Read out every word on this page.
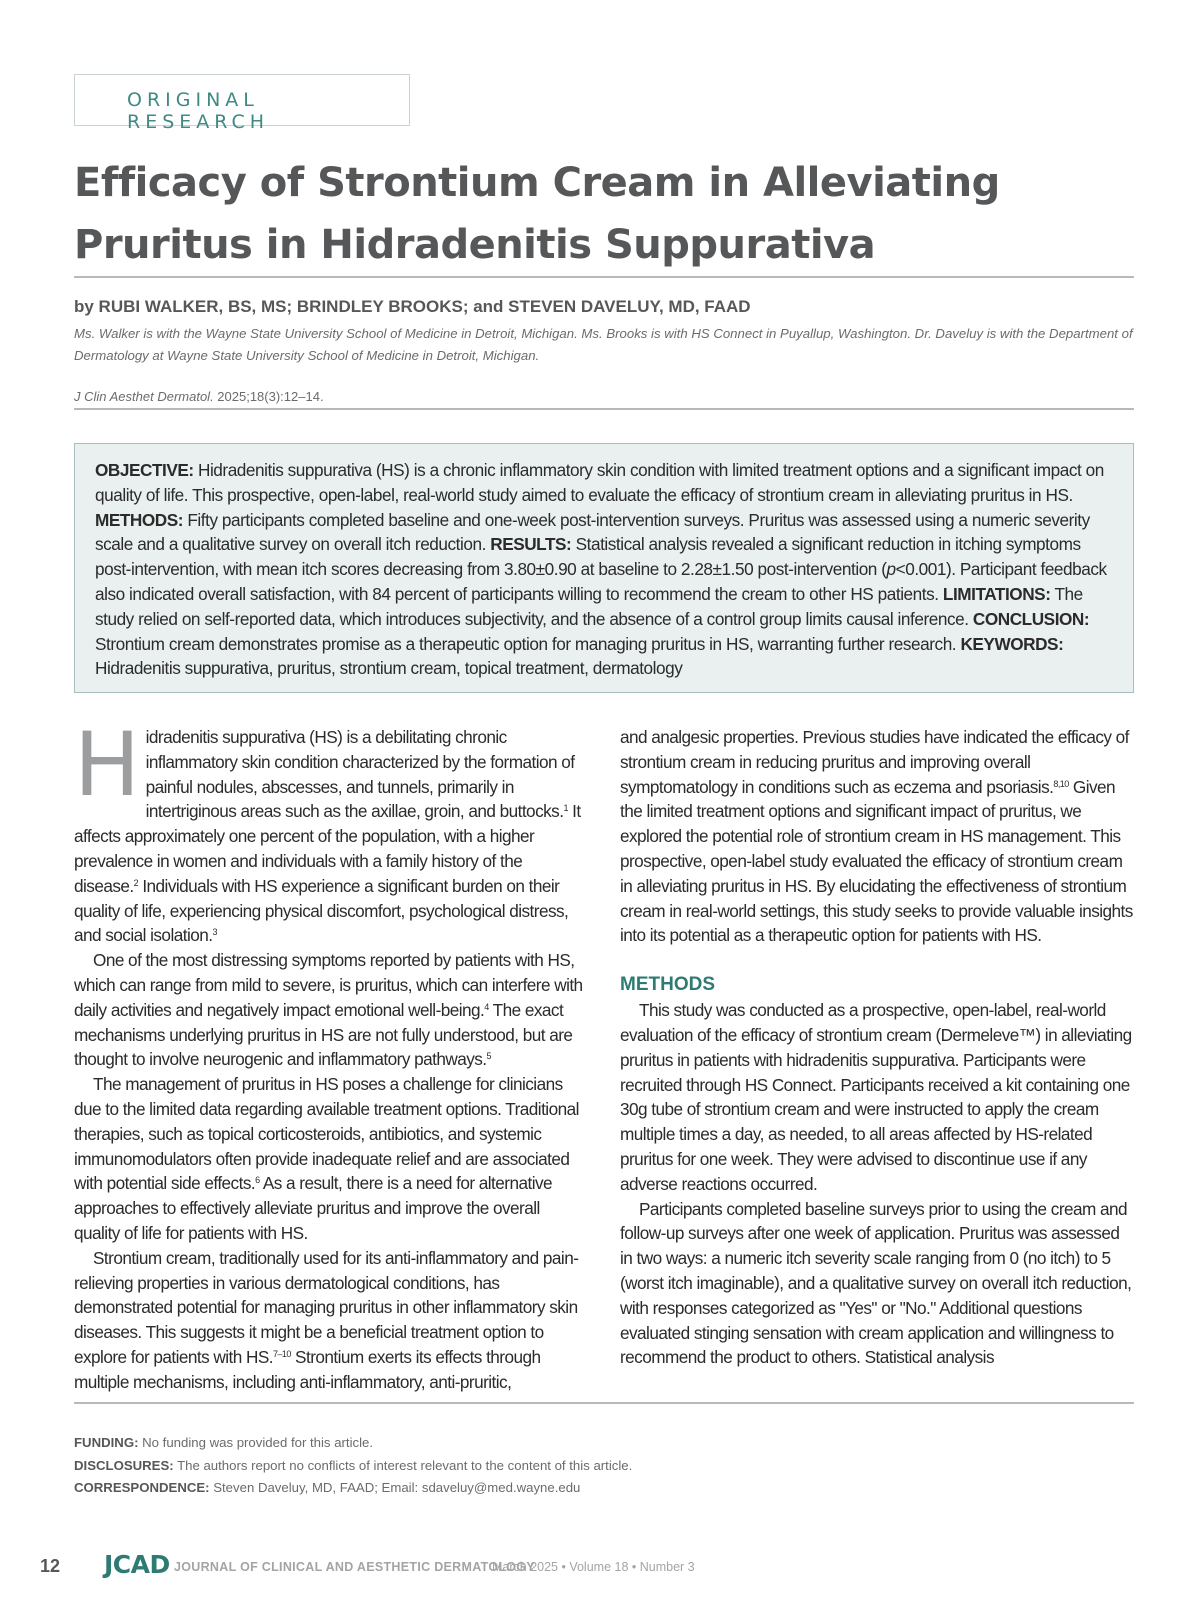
ORIGINAL RESEARCH
Efficacy of Strontium Cream in Alleviating Pruritus in Hidradenitis Suppurativa
by RUBI WALKER, BS, MS; BRINDLEY BROOKS; and STEVEN DAVELUY, MD, FAAD
Ms. Walker is with the Wayne State University School of Medicine in Detroit, Michigan. Ms. Brooks is with HS Connect in Puyallup, Washington. Dr. Daveluy is with the Department of Dermatology at Wayne State University School of Medicine in Detroit, Michigan.
J Clin Aesthet Dermatol. 2025;18(3):12–14.

OBJECTIVE: Hidradenitis suppurativa (HS) is a chronic inflammatory skin condition with limited treatment options and a significant impact on quality of life. This prospective, open-label, real-world study aimed to evaluate the efficacy of strontium cream in alleviating pruritus in HS. METHODS: Fifty participants completed baseline and one-week post-intervention surveys. Pruritus was assessed using a numeric severity scale and a qualitative survey on overall itch reduction. RESULTS: Statistical analysis revealed a significant reduction in itching symptoms post-intervention, with mean itch scores decreasing from 3.80±0.90 at baseline to 2.28±1.50 post-intervention (p<0.001). Participant feedback also indicated overall satisfaction, with 84 percent of participants willing to recommend the cream to other HS patients. LIMITATIONS: The study relied on self-reported data, which introduces subjectivity, and the absence of a control group limits causal inference. CONCLUSION: Strontium cream demonstrates promise as a therapeutic option for managing pruritus in HS, warranting further research. KEYWORDS: Hidradenitis suppurativa, pruritus, strontium cream, topical treatment, dermatology

Hidradenitis suppurativa (HS) is a debilitating chronic inflammatory skin condition characterized by the formation of painful nodules, abscesses, and tunnels, primarily in intertriginous areas such as the axillae, groin, and buttocks.$^1$ It affects approximately one percent of the population, with a higher prevalence in women and individuals with a family history of the disease.$^2$ Individuals with HS experience a significant burden on their quality of life, experiencing physical discomfort, psychological distress, and social isolation.$^3$

One of the most distressing symptoms reported by patients with HS, which can range from mild to severe, is pruritus, which can interfere with daily activities and negatively impact emotional well-being.$^4$ The exact mechanisms underlying pruritus in HS are not fully understood, but are thought to involve neurogenic and inflammatory pathways.$^5$

The management of pruritus in HS poses a challenge for clinicians due to the limited data regarding available treatment options. Traditional therapies, such as topical corticosteroids, antibiotics, and systemic immunomodulators often provide inadequate relief and are associated with potential side effects.$^6$ As a result, there is a need for alternative approaches to effectively alleviate pruritus and improve the overall quality of life for patients with HS.

Strontium cream, traditionally used for its anti-inflammatory and pain-relieving properties in various dermatological conditions, has demonstrated potential for managing pruritus in other inflammatory skin diseases. This suggests it might be a beneficial treatment option to explore for patients with HS.$^{7-10}$ Strontium exerts its effects through multiple mechanisms, including anti-inflammatory, anti-pruritic,

and analgesic properties. Previous studies have indicated the efficacy of strontium cream in reducing pruritus and improving overall symptomatology in conditions such as eczema and psoriasis.$^{8,10}$ Given the limited treatment options and significant impact of pruritus, we explored the potential role of strontium cream in HS management. This prospective, open-label study evaluated the efficacy of strontium cream in alleviating pruritus in HS. By elucidating the effectiveness of strontium cream in real-world settings, this study seeks to provide valuable insights into its potential as a therapeutic option for patients with HS.

METHODS

This study was conducted as a prospective, open-label, real-world evaluation of the efficacy of strontium cream (Dermeleve™) in alleviating pruritus in patients with hidradenitis suppurativa. Participants were recruited through HS Connect. Participants received a kit containing one 30g tube of strontium cream and were instructed to apply the cream multiple times a day, as needed, to all areas affected by HS-related pruritus for one week. They were advised to discontinue use if any adverse reactions occurred.

Participants completed baseline surveys prior to using the cream and follow-up surveys after one week of application. Pruritus was assessed in two ways: a numeric itch severity scale ranging from 0 (no itch) to 5 (worst itch imaginable), and a qualitative survey on overall itch reduction, with responses categorized as "Yes" or "No." Additional questions evaluated stinging sensation with cream application and willingness to recommend the product to others. Statistical analysis

FUNDING: No funding was provided for this article.
DISCLOSURES: The authors report no conflicts of interest relevant to the content of this article.
CORRESPONDENCE: Steven Daveluy, MD, FAAD; Email: sdaveluy@med.wayne.edu
12 JCAD JOURNAL OF CLINICAL AND AESTHETIC DERMATOLOGY
March 2025 • Volume 18 • Number 3
